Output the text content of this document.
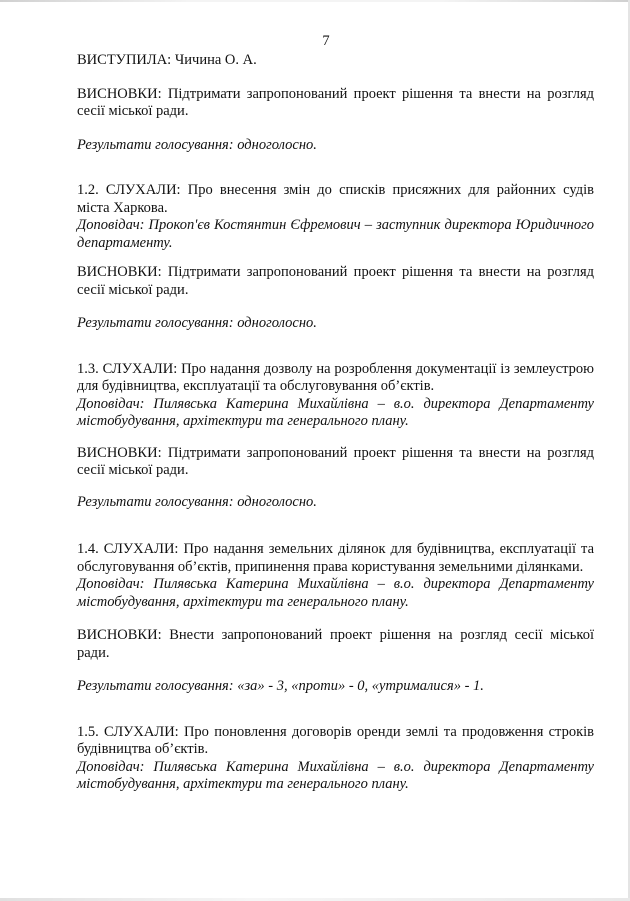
7

ВИСТУПИЛА: Чичина О. А.

ВИСНОВКИ: Підтримати запропонований проект рішення та внести на розгляд сесії міської ради.

Результати голосування: одноголосно.

1.2. СЛУХАЛИ: Про внесення змін до списків присяжних для районних судів міста Харкова.

Доповідач: Прокоп'єв Костянтин Єфремович – заступник директора Юридичного департаменту.

ВИСНОВКИ: Підтримати запропонований проект рішення та внести на розгляд сесії міської ради.

Результати голосування: одноголосно.

1.3. СЛУХАЛИ: Про надання дозволу на розроблення документації із землеустрою для будівництва, експлуатації та обслуговування об’єктів.

Доповідач: Пилявська Катерина Михайлівна – в.о. директора Департаменту містобудування, архітектури та генерального плану.

ВИСНОВКИ: Підтримати запропонований проект рішення та внести на розгляд сесії міської ради.

Результати голосування: одноголосно.

1.4. СЛУХАЛИ: Про надання земельних ділянок для будівництва, експлуатації та обслуговування об’єктів, припинення права користування земельними ділянками.

Доповідач: Пилявська Катерина Михайлівна – в.о. директора Департаменту містобудування, архітектури та генерального плану.

ВИСНОВКИ: Внести запропонований проект рішення на розгляд сесії міської ради.

Результати голосування: «за» - 3, «проти» - 0, «утрималися» - 1.

1.5. СЛУХАЛИ: Про поновлення договорів оренди землі та продовження строків будівництва об’єктів.

Доповідач: Пилявська Катерина Михайлівна – в.о. директора Департаменту містобудування, архітектури та генерального плану.
